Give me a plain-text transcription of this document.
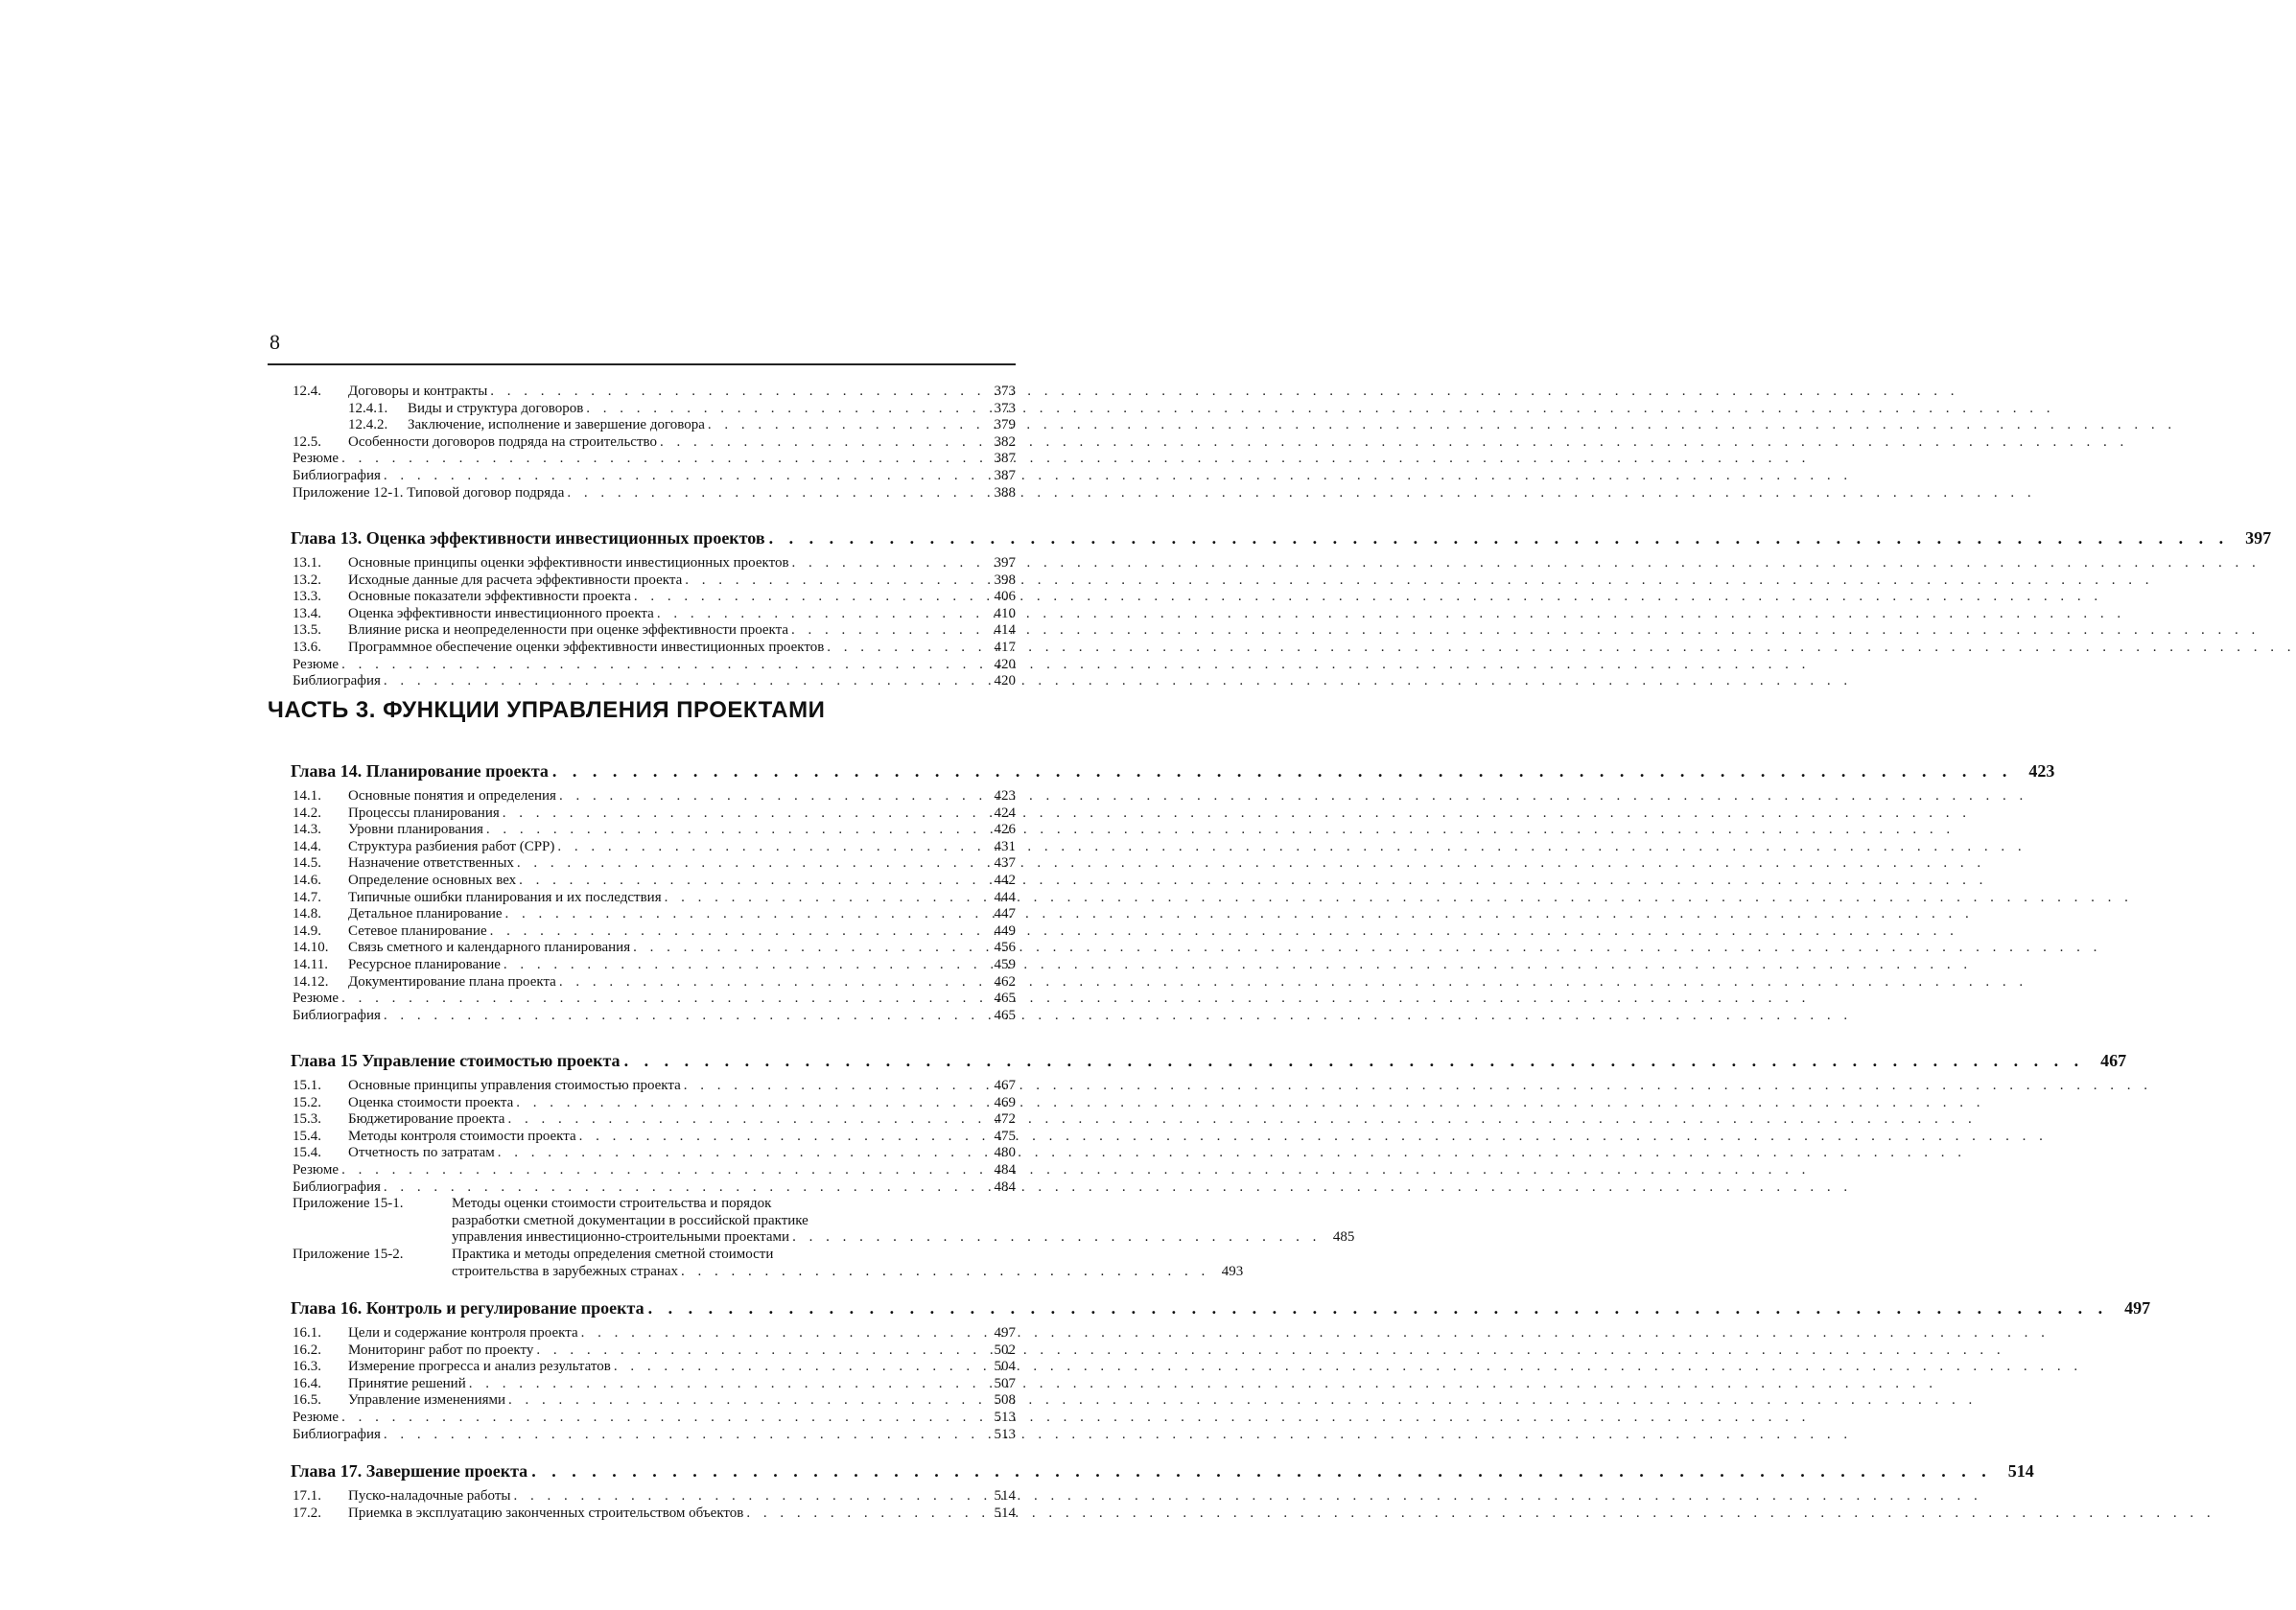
8
12.4.	Договоры и контракты . . .	373
12.4.1.	Виды и структура договоров . . .	373
12.4.2.	Заключение, исполнение и завершение договора . . .	379
12.5.	Особенности договоров подряда на строительство . . .	382
Резюме . . .	387
Библиография . . .	387
Приложение 12-1. Типовой договор подряда . . .	388
Глава 13. Оценка эффективности инвестиционных проектов . . .	397
13.1.	Основные принципы оценки эффективности инвестиционных проектов . . .	397
13.2.	Исходные данные для расчета эффективности проекта . . .	398
13.3.	Основные показатели эффективности проекта . . .	406
13.4.	Оценка эффективности инвестиционного проекта . . .	410
13.5.	Влияние риска и неопределенности при оценке эффективности проекта . . .	414
13.6.	Программное обеспечение оценки эффективности инвестиционных проектов . . .	417
Резюме . . .	420
Библиография . . .	420
ЧАСТЬ 3. ФУНКЦИИ УПРАВЛЕНИЯ ПРОЕКТАМИ
Глава 14. Планирование проекта . . .	423
14.1.	Основные понятия и определения . . .	423
14.2.	Процессы планирования . . .	424
14.3.	Уровни планирования . . .	426
14.4.	Структура разбиения работ (СРР) . . .	431
14.5.	Назначение ответственных . . .	437
14.6.	Определение основных вех . . .	442
14.7.	Типичные ошибки планирования и их последствия . . .	444
14.8.	Детальное планирование . . .	447
14.9.	Сетевое планирование . . .	449
14.10.	Связь сметного и календарного планирования . . .	456
14.11.	Ресурсное планирование . . .	459
14.12.	Документирование плана проекта . . .	462
Резюме . . .	465
Библиография . . .	465
Глава 15 Управление стоимостью проекта . . .	467
15.1.	Основные принципы управления стоимостью проекта . . .	467
15.2.	Оценка стоимости проекта . . .	469
15.3.	Бюджетирование проекта . . .	472
15.4.	Методы контроля стоимости проекта . . .	475
15.4.	Отчетность по затратам . . .	480
Резюме . . .	484
Библиография . . .	484
Приложение 15-1.	Методы оценки стоимости строительства и порядок
разработки сметной документации в российской практике
управления инвестиционно-строительными проектами . . .	485
Приложение 15-2.	Практика и методы определения сметной стоимости
строительства в зарубежных странах . . .	493
Глава 16. Контроль и регулирование проекта . . .	497
16.1.	Цели и содержание контроля проекта . . .	497
16.2.	Мониторинг работ по проекту . . .	502
16.3.	Измерение прогресса и анализ результатов . . .	504
16.4.	Принятие решений . . .	507
16.5.	Управление изменениями . . .	508
Резюме . . .	513
Библиография . . .	513
Глава 17. Завершение проекта . . .	514
17.1.	Пуско-наладочные работы . . .	514
17.2.	Приемка в эксплуатацию законченных строительством объектов . . .	514
